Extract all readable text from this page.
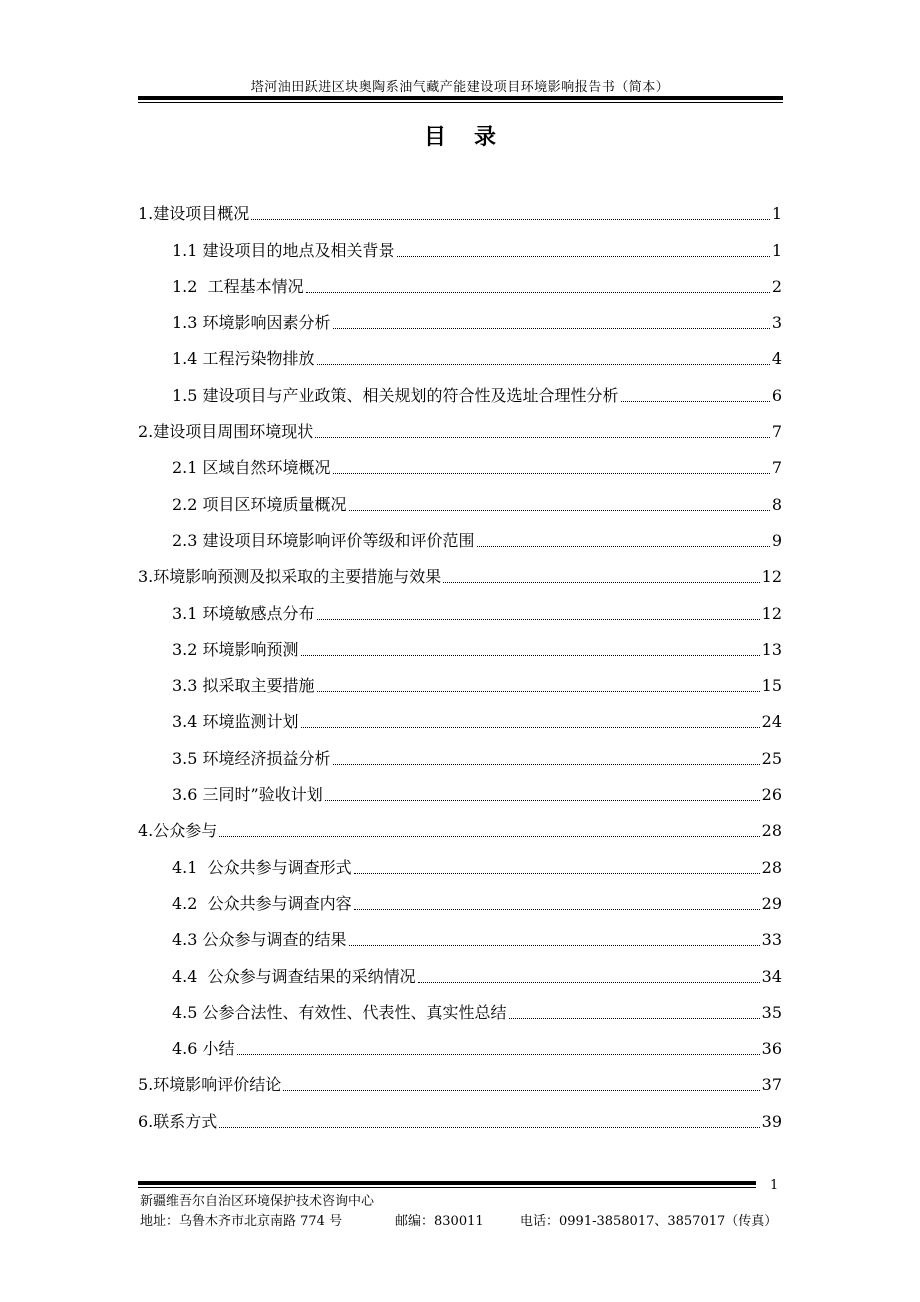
塔河油田跃进区块奥陶系油气藏产能建设项目环境影响报告书（简本）
目录
1.建设项目概况	1
1.1 建设项目的地点及相关背景	1
1.2  工程基本情况	2
1.3 环境影响因素分析	3
1.4 工程污染物排放	4
1.5 建设项目与产业政策、相关规划的符合性及选址合理性分析	6
2.建设项目周围环境现状	7
2.1 区域自然环境概况	7
2.2 项目区环境质量概况	8
2.3 建设项目环境影响评价等级和评价范围	9
3.环境影响预测及拟采取的主要措施与效果	12
3.1 环境敏感点分布	12
3.2 环境影响预测	13
3.3 拟采取主要措施	15
3.4 环境监测计划	24
3.5 环境经济损益分析	25
3.6 三同时”验收计划	26
4.公众参与	28
4.1  公众共参与调查形式	28
4.2  公众共参与调查内容	29
4.3 公众参与调查的结果	33
4.4  公众参与调查结果的采纳情况	34
4.5 公参合法性、有效性、代表性、真实性总结	35
4.6 小结	36
5.环境影响评价结论	37
6.联系方式	39
1
新疆维吾尔自治区环境保护技术咨询中心
地址：乌鲁木齐市北京南路 774 号	邮编：830011	电话：0991-3858017、3857017（传真）
